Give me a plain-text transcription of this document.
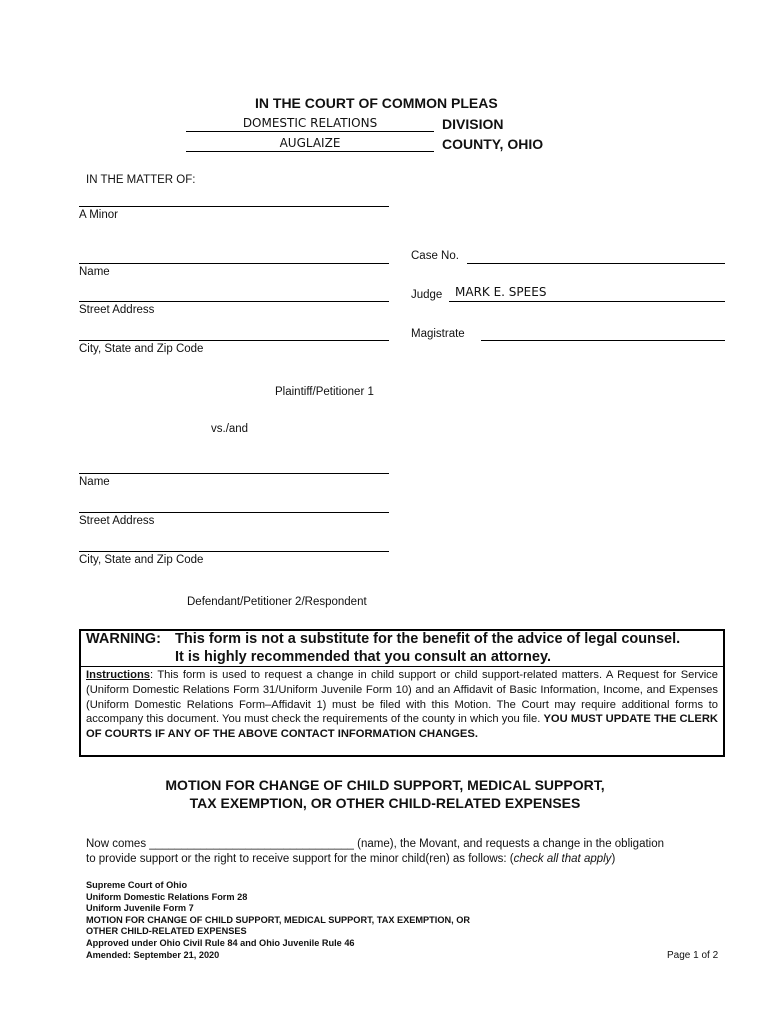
IN THE COURT OF COMMON PLEAS
DOMESTIC RELATIONS	DIVISION
AUGLAIZE	COUNTY, OHIO
IN THE MATTER OF:
A Minor
Name
Street Address
City, State and Zip Code
Plaintiff/Petitioner 1
vs./and
Name
Street Address
City, State and Zip Code
Defendant/Petitioner 2/Respondent
Case No.
Judge MARK E. SPEES
Magistrate
WARNING: This form is not a substitute for the benefit of the advice of legal counsel.
It is highly recommended that you consult an attorney.
Instructions: This form is used to request a change in child support or child support-related matters. A Request for Service (Uniform Domestic Relations Form 31/Uniform Juvenile Form 10) and an Affidavit of Basic Information, Income, and Expenses (Uniform Domestic Relations Form–Affidavit 1) must be filed with this Motion. The Court may require additional forms to accompany this document. You must check the requirements of the county in which you file. YOU MUST UPDATE THE CLERK OF COURTS IF ANY OF THE ABOVE CONTACT INFORMATION CHANGES.
MOTION FOR CHANGE OF CHILD SUPPORT, MEDICAL SUPPORT,
TAX EXEMPTION, OR OTHER CHILD-RELATED EXPENSES
Now comes ________________________________ (name), the Movant, and requests a change in the obligation
to provide support or the right to receive support for the minor child(ren) as follows: (check all that apply)
Supreme Court of Ohio
Uniform Domestic Relations Form 28
Uniform Juvenile Form 7
MOTION FOR CHANGE OF CHILD SUPPORT, MEDICAL SUPPORT, TAX EXEMPTION, OR
OTHER CHILD-RELATED EXPENSES
Approved under Ohio Civil Rule 84 and Ohio Juvenile Rule 46
Amended: September 21, 2020	Page 1 of 2
